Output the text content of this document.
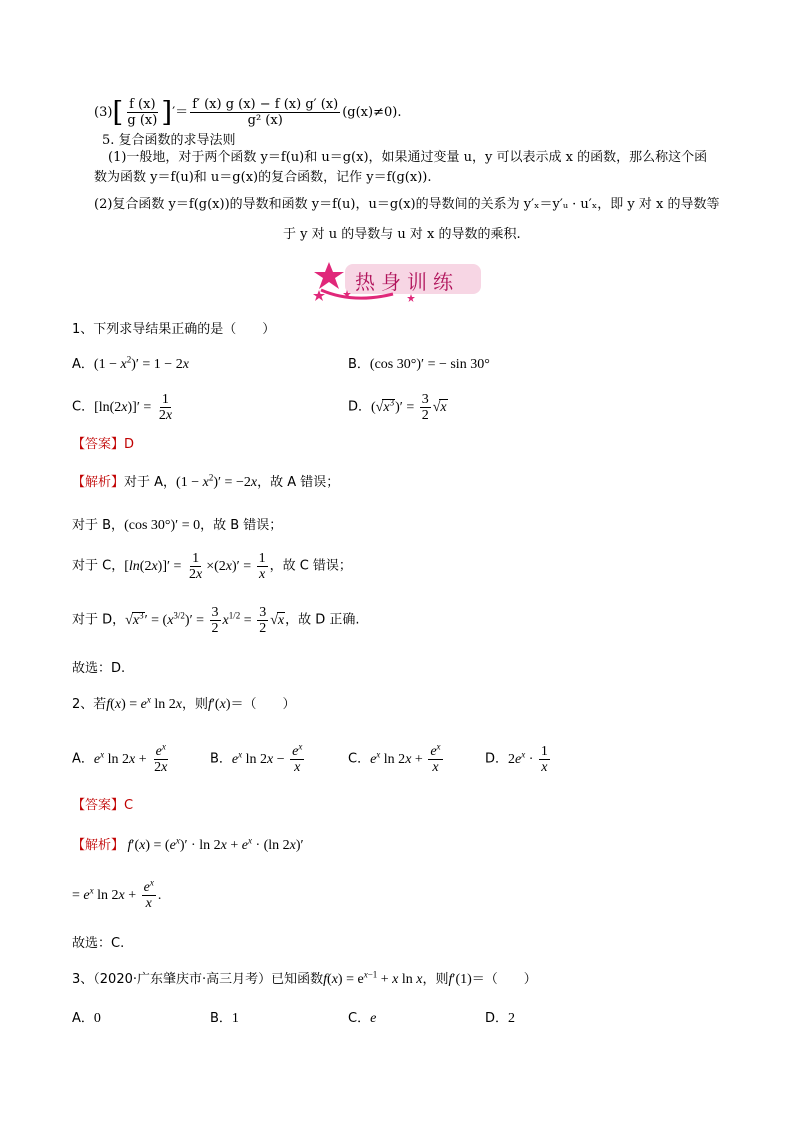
$(3)[ \frac{f (x)}{g (x)}$ ]′＝ $\frac{f' (x) g (x) - f (x) g' (x)}{\text{g² (x)}} (g(x)\ne 0)$.
5. 复合函数的求导法则
(1)一般地，对于两个函数 y＝f(u)和 u＝g(x)，如果通过变量 u，y 可以表示成 x 的函数，那么称这个函
数为函数 y＝f(u)和 u＝g(x)的复合函数，记作 y＝f(g(x)).
(2)复合函数 y＝f(g(x))的导数和函数 y＝f(u)，u＝g(x)的导数间的关系为 y′ₓ＝y′ᵤ · u′ₓ，即 y 对 x 的导数等
于 y 对 u 的导数与 u 对 x 的导数的乘积.
热身训练
1、下列求导结果正确的是（　　）
A．$(1 - x^2)' = 1 - 2x$	B．(cos 30°)′ = − sin 30°
C．$[\ln(2x)]' = \frac{1}{2x}$	D．$(√x^3)' = \frac{3}{2} √x$
【答案】D
【解析】对于 A，$(1 - x^2)' = -2x$，故 A 错误；
对于 B，(cos 30°)′ = 0，故 B 错误；
对于 C，$[\ln(2x)]' = \frac{1}{2x} \times(2x)' = \frac{1}{x}$ ，故 C 错误；
对于 D，$√x^3' = (x^{3/2})' = \frac{3}{2} x^{1/2} = \frac{3}{2} √x$，故 D 正确.
故选：D.
2、若$f(x) = e^x$ ln 2x，则f′(x)＝（　　）
A．$e^x$ $\ln 2x + \frac{e^x}{2x}$	B．$e^x$ $\ln 2x - \frac{e^x}{x}$	C．$e^x$ $\ln 2x + \frac{e^x}{x}$	D．$2e^x \cdot \frac{1}{x}$
【答案】C
【解析】 $f'(x) = (e^x)' \cdot \ln 2x + e^x \cdot (\ln$ 2x)′
= $e^x$ $\ln 2x + \frac{e^x}{x}$ .
故选：C.
3、（2020·广东肇庆市·高三月考）已知函数$f(x) = e^{x-1} + x$ ln x，则f′(1)＝（　　）
A．0	B．1	C．e	D．2
